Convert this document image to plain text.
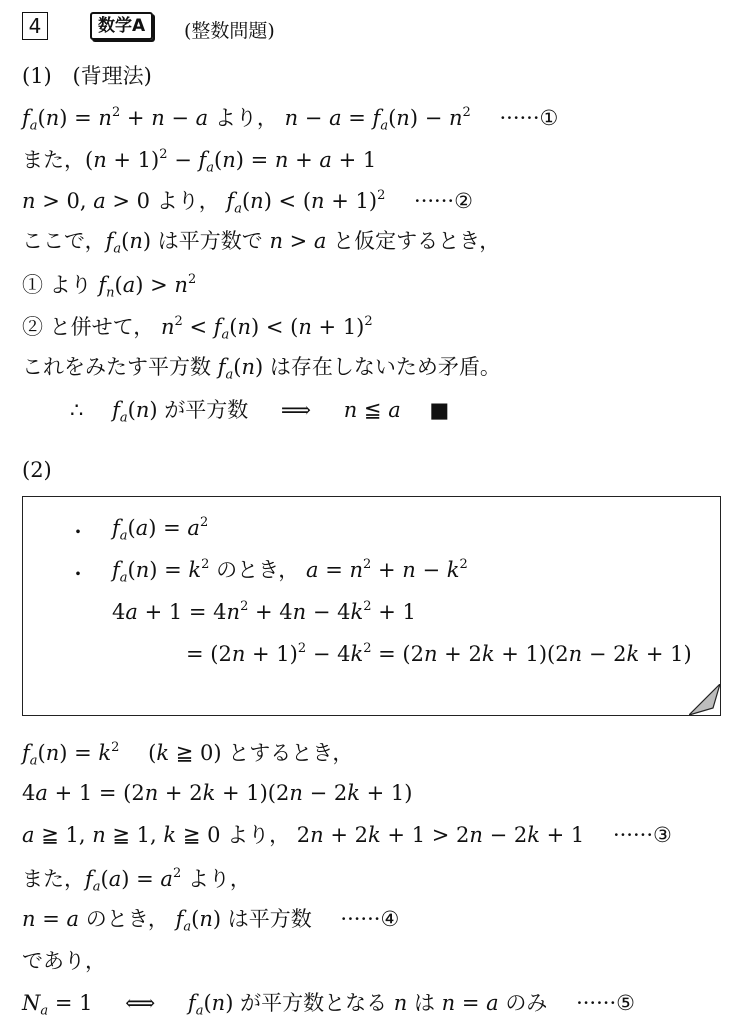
4	数学A	(整数問題)
(1) (背理法)
$f_a(n) = n^2 + n - a$ より， $n - a = f_a(n) - n^2$ ······①
また，$(n + 1)^2 - f_a(n) = n + a + 1$
n > 0, a > 0 より， $f_a(n) < (n + 1)^2$ ······②
ここで，$f_a(n)$ は平方数で n > a と仮定するとき，
① より $f_n(a) > n^2$
② と併せて， $n^2 < f_a(n) < (n + 1)^2$
これをみたす平方数 $f_a(n)$ は存在しないため矛盾。
∴ $f_a(n)$ が平方数 ⟹ n ≦ a ■
(2)
・ $f_a(a) = a^2$
・ $f_a(n) = k^2$ のとき， $a = n^2 + n - k^2$
$4a + 1 = 4n^2 + 4n - 4k^2 + 1$
= $(2n + 1)^2 - 4k^2 = (2n + 2k + 1)(2n - 2k + 1)$
$f_a(n) = k^2$ (k ≧ 0) とするとき，
4a + 1 = (2n + 2k + 1)(2n − 2k + 1)
a ≧ 1, n ≧ 1, k ≧ 0 より， 2n + 2k + 1 > 2n − 2k + 1 ······③
また，$f_a(a) = a^2$ より，
n = a のとき， $f_a(n)$ は平方数 ······④
であり，
$N_a = 1$ ⟺ $f_a(n)$ が平方数となる n は n = a のみ ······⑤
